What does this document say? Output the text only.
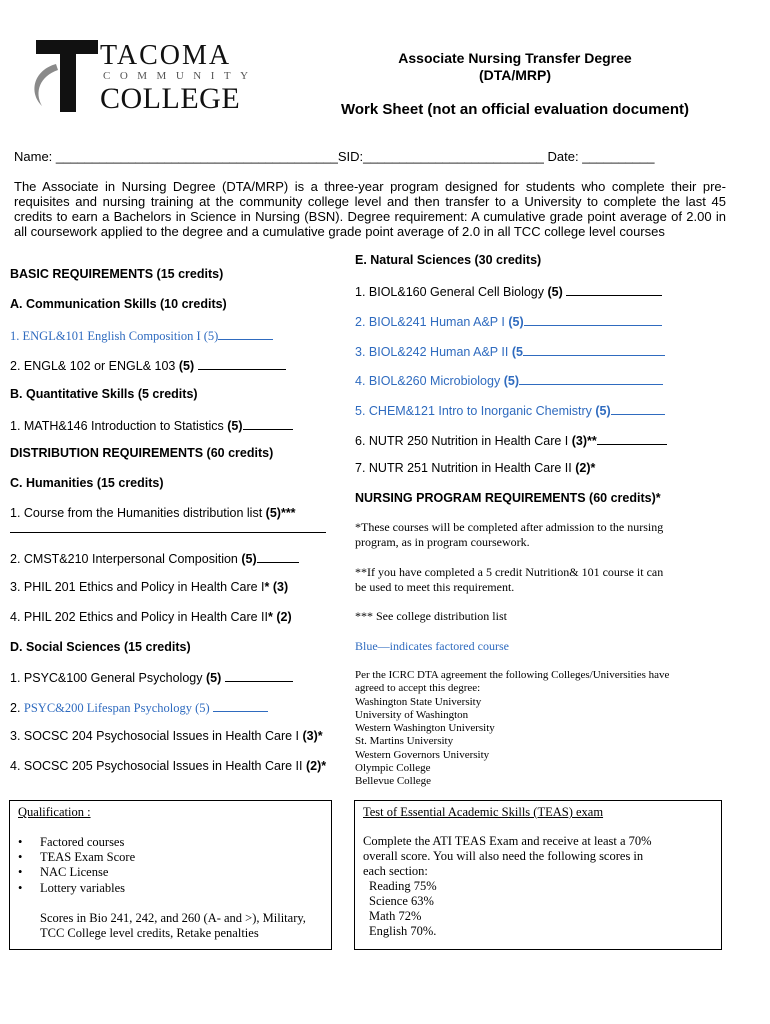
TACOMA
COMMUNITY
COLLEGE
Associate Nursing Transfer Degree
(DTA/MRP)
Work Sheet (not an official evaluation document)
Name: _______________________________________SID:_________________________ Date: __________
The Associate in Nursing Degree (DTA/MRP) is a three-year program designed for students who complete their pre-requisites and nursing training at the community college level and then transfer to a University to complete the last 45 credits to earn a Bachelors in Science in Nursing (BSN). Degree requirement: A cumulative grade point average of 2.00 in all coursework applied to the degree and a cumulative grade point average of 2.0 in all TCC college level courses
BASIC REQUIREMENTS (15 credits)
A. Communication Skills (10 credits)
1. ENGL&101 English Composition I (5)
2. ENGL& 102 or ENGL& 103 (5)
B. Quantitative Skills (5 credits)
1. MATH&146 Introduction to Statistics (5)
DISTRIBUTION REQUIREMENTS (60 credits)
C. Humanities (15 credits)
1. Course from the Humanities distribution list (5)***
2. CMST&210 Interpersonal Composition (5)
3. PHIL 201 Ethics and Policy in Health Care I* (3)
4. PHIL 202 Ethics and Policy in Health Care II* (2)
D. Social Sciences (15 credits)
1. PSYC&100 General Psychology (5)
2. PSYC&200 Lifespan Psychology (5)
3. SOCSC 204 Psychosocial Issues in Health Care I (3)*
4. SOCSC 205 Psychosocial Issues in Health Care II (2)*
E. Natural Sciences (30 credits)
1. BIOL&160 General Cell Biology (5)
2. BIOL&241 Human A&P I (5)
3. BIOL&242 Human A&P II (5
4. BIOL&260 Microbiology (5)
5. CHEM&121 Intro to Inorganic Chemistry (5)
6. NUTR 250 Nutrition in Health Care I (3)**
7. NUTR 251 Nutrition in Health Care II (2)*
NURSING PROGRAM REQUIREMENTS (60 credits)*
*These courses will be completed after admission to the nursing program, as in program coursework.
**If you have completed a 5 credit Nutrition& 101 course it can be used to meet this requirement.
*** See college distribution list
Blue—indicates factored course
Per the ICRC DTA agreement the following Colleges/Universities have agreed to accept this degree:
Washington State University
University of Washington
Western Washington University
St. Martins University
Western Governors University
Olympic College
Bellevue College
Qualification :
• Factored courses
• TEAS Exam Score
• NAC License
• Lottery variables
Scores in Bio 241, 242, and 260 (A- and >), Military, TCC College level credits, Retake penalties
Test of Essential Academic Skills (TEAS) exam
Complete the ATI TEAS Exam and receive at least a 70% overall score. You will also need the following scores in each section:
Reading 75%
Science 63%
Math 72%
English 70%.
